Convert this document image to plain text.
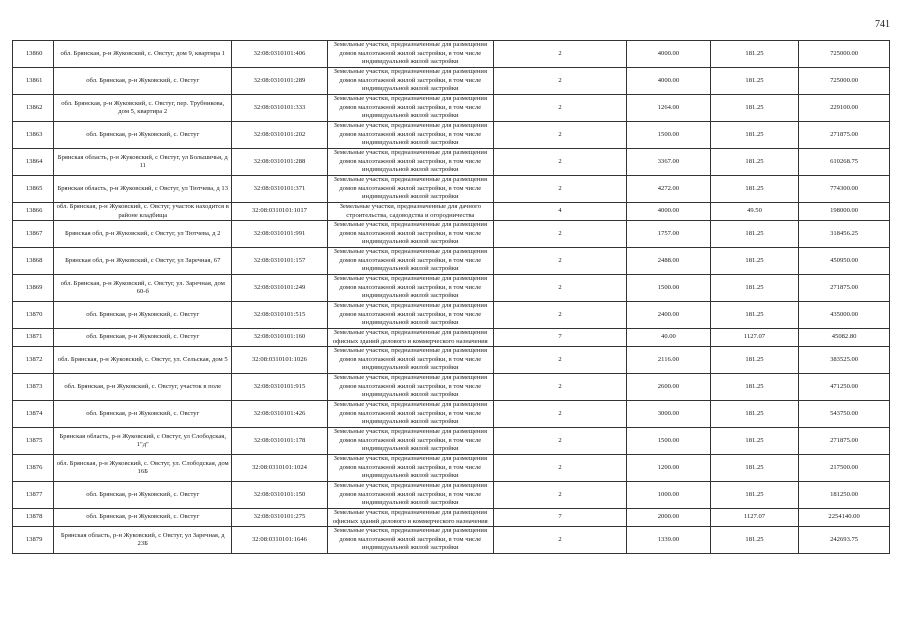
741
13860	обл. Брянская, р-н Жуковский, с. Овстуг, дом 9, квартира 1	32:08:0310101:406	Земельные участки, предназначенные для размещения домов малоэтажной жилой застройки, в том числе индивидуальной жилой застройки	2	4000.00	181.25	725000.00
13861	обл. Брянская, р-н Жуковский, с. Овстуг	32:08:0310101:289	Земельные участки, предназначенные для размещения домов малоэтажной жилой застройки, в том числе индивидуальной жилой застройки	2	4000.00	181.25	725000.00
13862	обл. Брянская, р-н Жуковский, с. Овстуг, пер. Трубникова, дом 5, квартира 2	32:08:0310101:333	Земельные участки, предназначенные для размещения домов малоэтажной жилой застройки, в том числе индивидуальной жилой застройки	2	1264.00	181.25	229100.00
13863	обл. Брянская, р-н Жуковский, с. Овстуг	32:08:0310101:202	Земельные участки, предназначенные для размещения домов малоэтажной жилой застройки, в том числе индивидуальной жилой застройки	2	1500.00	181.25	271875.00
13864	Брянская область, р-н Жуковский, с Овстуг, ул Большичья, д 11	32:08:0310101:288	Земельные участки, предназначенные для размещения домов малоэтажной жилой застройки, в том числе индивидуальной жилой застройки	2	3367.00	181.25	610268.75
13865	Брянская область, р-н Жуковский, с Овстуг, ул Тютчева, д 13	32:08:0310101:371	Земельные участки, предназначенные для размещения домов малоэтажной жилой застройки, в том числе индивидуальной жилой застройки	2	4272.00	181.25	774300.00
13866	обл. Брянская, р-н Жуковский, с. Овстуг, участок находится в районе кладбища	32:08:0310101:1017	Земельные участки, предназначенные для дачного строительства, садоводства и огородничества	4	4000.00	49.50	198000.00
13867	Брянская обл, р-н Жуковский, с Овстуг, ул Тютчева, д 2	32:08:0310101:991	Земельные участки, предназначенные для размещения домов малоэтажной жилой застройки, в том числе индивидуальной жилой застройки	2	1757.00	181.25	318456.25
13868	Брянская обл, р-н Жуковский, с Овстуг, ул Заречная, 67	32:08:0310101:157	Земельные участки, предназначенные для размещения домов малоэтажной жилой застройки, в том числе индивидуальной жилой застройки	2	2488.00	181.25	450950.00
13869	обл. Брянская, р-н Жуковский, с. Овстуг, ул. Заречная, дом 60-б	32:08:0310101:249	Земельные участки, предназначенные для размещения домов малоэтажной жилой застройки, в том числе индивидуальной жилой застройки	2	1500.00	181.25	271875.00
13870	обл. Брянская, р-н Жуковский, с. Овстуг	32:08:0310101:515	Земельные участки, предназначенные для размещения домов малоэтажной жилой застройки, в том числе индивидуальной жилой застройки	2	2400.00	181.25	435000.00
13871	обл. Брянская, р-н Жуковский, с. Овстуг	32:08:0310101:160	Земельные участки, предназначенные для размещения офисных зданий делового и коммерческого назначения	7	40.00	1127.07	45082.80
13872	обл. Брянская, р-н Жуковский, с. Овстуг, ул. Сельская, дом 5	32:08:0310101:1026	Земельные участки, предназначенные для размещения домов малоэтажной жилой застройки, в том числе индивидуальной жилой застройки	2	2116.00	181.25	383525.00
13873	обл. Брянская, р-н Жуковский, с. Овстуг, участок в поле	32:08:0310101:915	Земельные участки, предназначенные для размещения домов малоэтажной жилой застройки, в том числе индивидуальной жилой застройки	2	2600.00	181.25	471250.00
13874	обл. Брянская, р-н Жуковский, с. Овстуг	32:08:0310101:426	Земельные участки, предназначенные для размещения домов малоэтажной жилой застройки, в том числе индивидуальной жилой застройки	2	3000.00	181.25	543750.00
13875	Брянская область, р-н Жуковский, с Овстуг, ул Слободская, 1"д"	32:08:0310101:178	Земельные участки, предназначенные для размещения домов малоэтажной жилой застройки, в том числе индивидуальной жилой застройки	2	1500.00	181.25	271875.00
13876	обл. Брянская, р-н Жуковский, с. Овстуг, ул. Слободская, дом 16Б	32:08:0310101:1024	Земельные участки, предназначенные для размещения домов малоэтажной жилой застройки, в том числе индивидуальной жилой застройки	2	1200.00	181.25	217500.00
13877	обл. Брянская, р-н Жуковский, с. Овстуг	32:08:0310101:150	Земельные участки, предназначенные для размещения домов малоэтажной жилой застройки, в том числе индивидуальной жилой застройки	2	1000.00	181.25	181250.00
13878	обл. Брянская, р-н Жуковский, с. Овстуг	32:08:0310101:275	Земельные участки, предназначенные для размещения офисных зданий делового и коммерческого назначения	7	2000.00	1127.07	2254140.00
13879	Брянская область, р-н Жуковский, с Овстуг, ул Заречная, д 23Б	32:08:0310101:1646	Земельные участки, предназначенные для размещения домов малоэтажной жилой застройки, в том числе индивидуальной жилой застройки	2	1339.00	181.25	242693.75
